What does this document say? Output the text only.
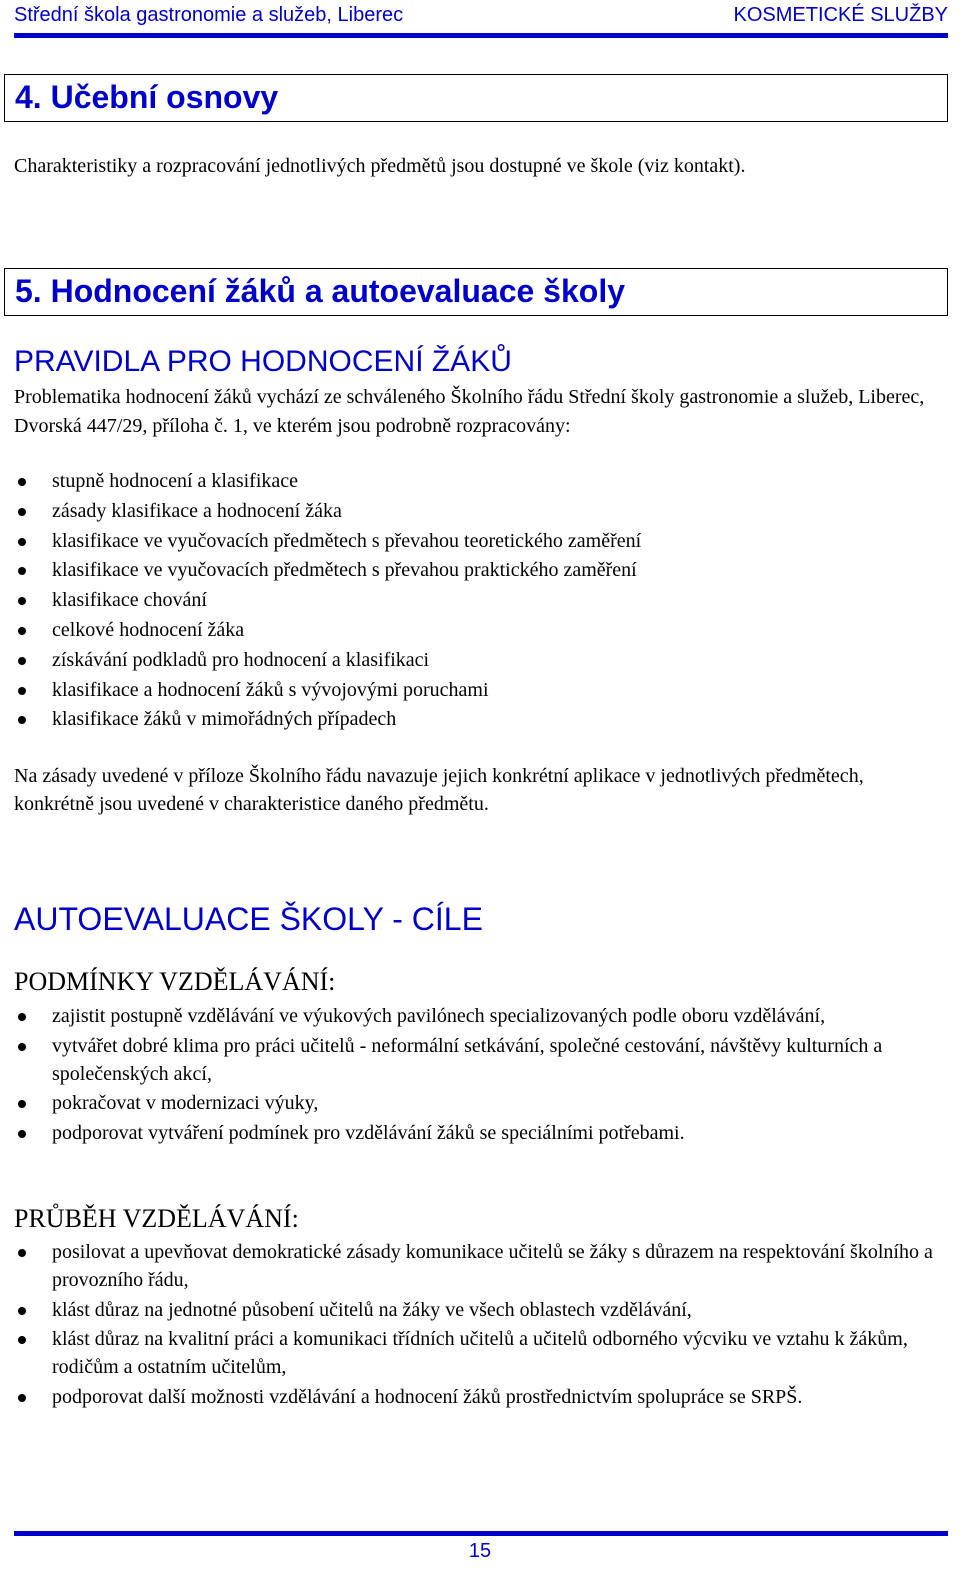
Střední škola gastronomie a služeb, Liberec	KOSMETICKÉ SLUŽBY
4. Učební osnovy
Charakteristiky a rozpracování jednotlivých předmětů jsou dostupné ve škole (viz kontakt).
5. Hodnocení žáků a autoevaluace školy
PRAVIDLA PRO HODNOCENÍ ŽÁKŮ
Problematika hodnocení žáků vychází ze schváleného Školního řádu Střední školy gastronomie a služeb, Liberec, Dvorská 447/29, příloha č. 1, ve kterém jsou podrobně rozpracovány:
stupně hodnocení a klasifikace
zásady klasifikace a hodnocení žáka
klasifikace ve vyučovacích předmětech s převahou teoretického zaměření
klasifikace ve vyučovacích předmětech s převahou praktického zaměření
klasifikace chování
celkové hodnocení žáka
získávání podkladů pro hodnocení a klasifikaci
klasifikace a hodnocení žáků s vývojovými poruchami
klasifikace žáků v mimořádných případech
Na zásady uvedené v příloze Školního řádu navazuje jejich konkrétní aplikace v jednotlivých předmětech, konkrétně jsou uvedené v charakteristice daného předmětu.
AUTOEVALUACE ŠKOLY - CÍLE
PODMÍNKY VZDĚLÁVÁNÍ:
zajistit postupně vzdělávání ve výukových pavilónech specializovaných podle oboru vzdělávání,
vytvářet dobré klima pro práci učitelů - neformální setkávání, společné cestování, návštěvy kulturních a společenských akcí,
pokračovat v modernizaci výuky,
podporovat vytváření podmínek pro vzdělávání žáků se speciálními potřebami.
PRŮBĚH VZDĚLÁVÁNÍ:
posilovat a upevňovat demokratické zásady komunikace učitelů se žáky s důrazem na respektování školního a provozního řádu,
klást důraz na jednotné působení učitelů na žáky ve všech oblastech vzdělávání,
klást důraz na kvalitní práci a komunikaci třídních učitelů a učitelů odborného výcviku ve vztahu k žákům, rodičům a ostatním učitelům,
podporovat další možnosti vzdělávání a hodnocení žáků prostřednictvím spolupráce se SRPŠ.
15
